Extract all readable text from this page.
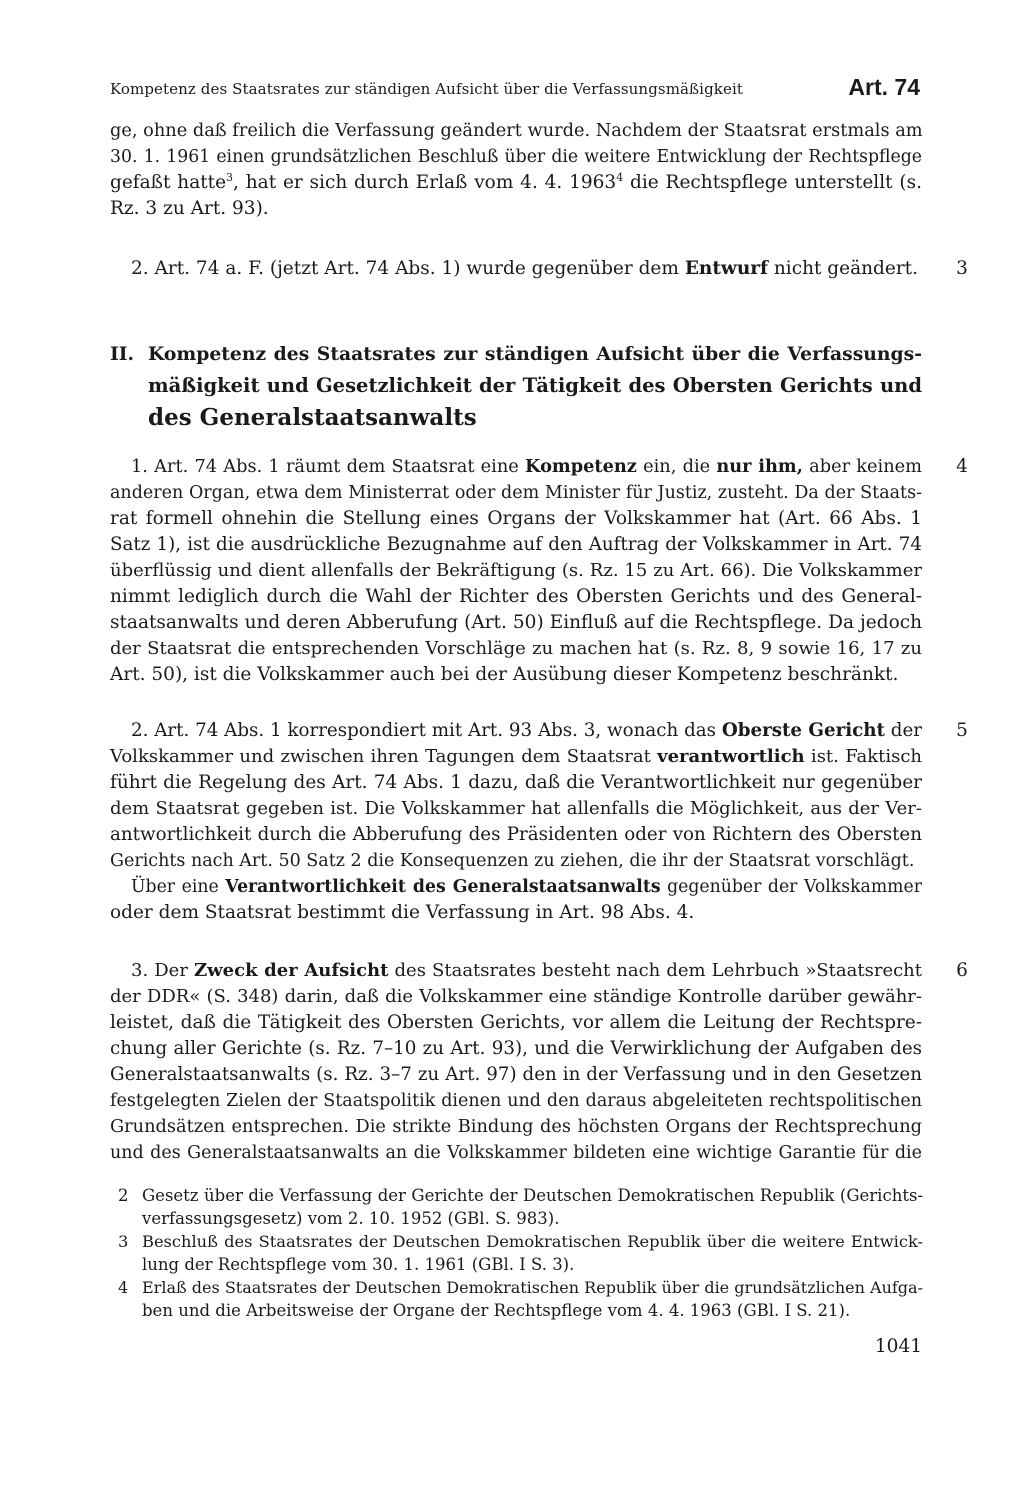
Kompetenz des Staatsrates zur ständigen Aufsicht über die Verfassungsmäßigkeit	Art. 74
ge, ohne daß freilich die Verfassung geändert wurde. Nachdem der Staatsrat erstmals am
30. 1. 1961 einen grundsätzlichen Beschluß über die weitere Entwicklung der Rechtspflege
gefaßt hatte$^3$, hat er sich durch Erlaß vom 4. 4. 1963$^4$ die Rechtspflege unterstellt (s.
Rz. 3 zu Art. 93).
2. Art. 74 a. F. (jetzt Art. 74 Abs. 1) wurde gegenüber dem Entwurf nicht geändert. 3
II. Kompetenz des Staatsrates zur ständigen Aufsicht über die Verfassungs-
mäßigkeit und Gesetzlichkeit der Tätigkeit des Obersten Gerichts und
des Generalstaatsanwalts
1. Art. 74 Abs. 1 räumt dem Staatsrat eine Kompetenz ein, die nur ihm, aber keinem
anderen Organ, etwa dem Ministerrat oder dem Minister für Justiz, zusteht. Da der Staats-
rat formell ohnehin die Stellung eines Organs der Volkskammer hat (Art. 66 Abs. 1
Satz 1), ist die ausdrückliche Bezugnahme auf den Auftrag der Volkskammer in Art. 74
überflüssig und dient allenfalls der Bekräftigung (s. Rz. 15 zu Art. 66). Die Volkskammer
nimmt lediglich durch die Wahl der Richter des Obersten Gerichts und des General-
staatsanwalts und deren Abberufung (Art. 50) Einfluß auf die Rechtspflege. Da jedoch
der Staatsrat die entsprechenden Vorschläge zu machen hat (s. Rz. 8, 9 sowie 16, 17 zu
Art. 50), ist die Volkskammer auch bei der Ausübung dieser Kompetenz beschränkt.
4
2. Art. 74 Abs. 1 korrespondiert mit Art. 93 Abs. 3, wonach das Oberste Gericht der
Volkskammer und zwischen ihren Tagungen dem Staatsrat verantwortlich ist. Faktisch
führt die Regelung des Art. 74 Abs. 1 dazu, daß die Verantwortlichkeit nur gegenüber
dem Staatsrat gegeben ist. Die Volkskammer hat allenfalls die Möglichkeit, aus der Ver-
antwortlichkeit durch die Abberufung des Präsidenten oder von Richtern des Obersten
Gerichts nach Art. 50 Satz 2 die Konsequenzen zu ziehen, die ihr der Staatsrat vorschlägt.
Über eine Verantwortlichkeit des Generalstaatsanwalts gegenüber der Volkskammer
oder dem Staatsrat bestimmt die Verfassung in Art. 98 Abs. 4.
5
3. Der Zweck der Aufsicht des Staatsrates besteht nach dem Lehrbuch »Staatsrecht
der DDR« (S. 348) darin, daß die Volkskammer eine ständige Kontrolle darüber gewähr-
leistet, daß die Tätigkeit des Obersten Gerichts, vor allem die Leitung der Rechtspre-
chung aller Gerichte (s. Rz. 7–10 zu Art. 93), und die Verwirklichung der Aufgaben des
Generalstaatsanwalts (s. Rz. 3–7 zu Art. 97) den in der Verfassung und in den Gesetzen
festgelegten Zielen der Staatspolitik dienen und den daraus abgeleiteten rechtspolitischen
Grundsätzen entsprechen. Die strikte Bindung des höchsten Organs der Rechtsprechung
und des Generalstaatsanwalts an die Volkskammer bildeten eine wichtige Garantie für die
6
2 Gesetz über die Verfassung der Gerichte der Deutschen Demokratischen Republik (Gerichts-
verfassungsgesetz) vom 2. 10. 1952 (GBl. S. 983).
3 Beschluß des Staatsrates der Deutschen Demokratischen Republik über die weitere Entwick-
lung der Rechtspflege vom 30. 1. 1961 (GBl. I S. 3).
4 Erlaß des Staatsrates der Deutschen Demokratischen Republik über die grundsätzlichen Aufga-
ben und die Arbeitsweise der Organe der Rechtspflege vom 4. 4. 1963 (GBl. I S. 21).
1041
